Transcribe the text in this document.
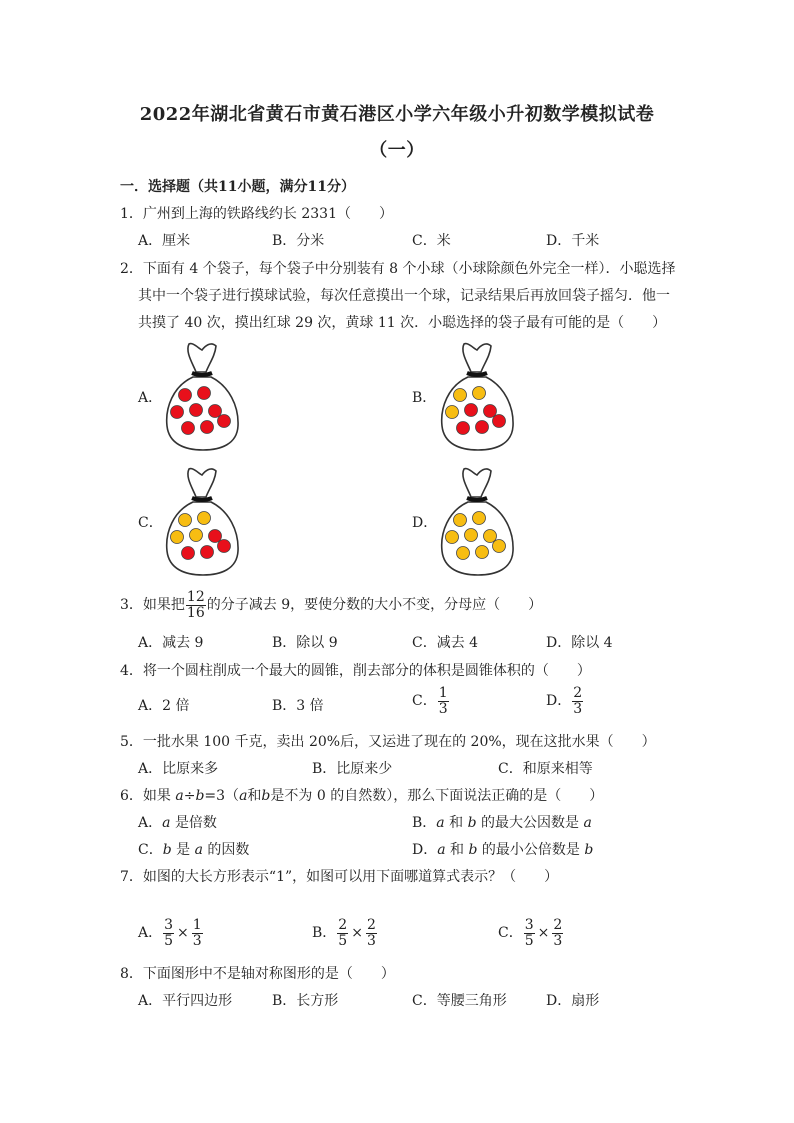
2022年湖北省黄石市黄石港区小学六年级小升初数学模拟试卷
（一）
一．选择题（共11小题，满分11分）
1．广州到上海的铁路线约长 2331（　　）
A．厘米	B．分米	C．米	D．千米
2．下面有 4 个袋子，每个袋子中分别装有 8 个小球（小球除颜色外完全一样）．小聪选择
其中一个袋子进行摸球试验，每次任意摸出一个球，记录结果后再放回袋子摇匀．他一
共摸了 40 次，摸出红球 29 次，黄球 11 次．小聪选择的袋子最有可能的是（　　）
A．	B．
C．	D．
3．如果把 $\frac{12}{16}$ 的分子减去 9，要使分数的大小不变，分母应（　　）
A．减去 9	B．除以 9	C．减去 4	D．除以 4
4．将一个圆柱削成一个最大的圆锥，削去部分的体积是圆锥体积的（　　）
A．2 倍	B．3 倍	C． $\frac{1}{3}$	D． $\frac{2}{3}$
5．一批水果 100 千克，卖出 20%后，又运进了现在的 20%，现在这批水果（　　）
A．比原来多	B．比原来少	C．和原来相等
6．如果 a÷b=3（a和b是不为 0 的自然数），那么下面说法正确的是（　　）
A．a 是倍数	B．a 和 b 的最大公因数是 a
C．b 是 a 的因数	D．a 和 b 的最小公倍数是 b
7．如图的大长方形表示“1”，如图可以用下面哪道算式表示？（　　）
A． $\frac{3}{5} \times \frac{1}{3}$	B． $\frac{2}{5} \times \frac{2}{3}$	C． $\frac{3}{5} \times \frac{2}{3}$
8．下面图形中不是轴对称图形的是（　　）
A．平行四边形	B．长方形	C．等腰三角形	D．扇形
